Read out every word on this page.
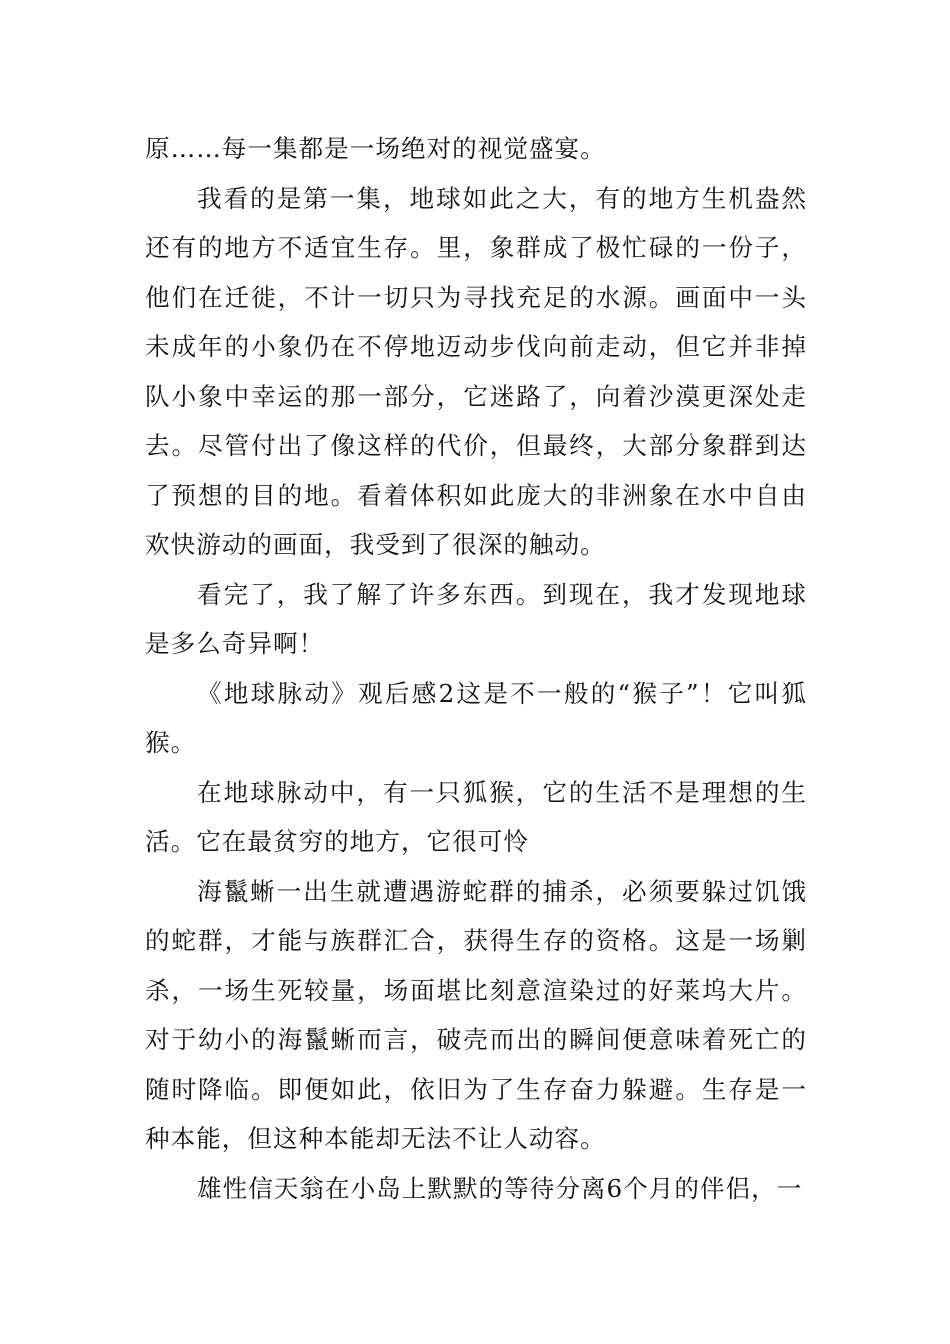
原……每一集都是一场绝对的视觉盛宴。

我看的是第一集，地球如此之大，有的地方生机盎然还有的地方不适宜生存。里，象群成了极忙碌的一份子，他们在迁徙，不计一切只为寻找充足的水源。画面中一头未成年的小象仍在不停地迈动步伐向前走动，但它并非掉队小象中幸运的那一部分，它迷路了，向着沙漠更深处走去。尽管付出了像这样的代价，但最终，大部分象群到达了预想的目的地。看着体积如此庞大的非洲象在水中自由欢快游动的画面，我受到了很深的触动。

看完了，我了解了许多东西。到现在，我才发现地球是多么奇异啊！

《地球脉动》观后感2这是不一般的“猴子”！它叫狐猴。

在地球脉动中，有一只狐猴，它的生活不是理想的生活。它在最贫穷的地方，它很可怜

海鬣蜥一出生就遭遇游蛇群的捕杀，必须要躲过饥饿的蛇群，才能与族群汇合，获得生存的资格。这是一场剿杀，一场生死较量，场面堪比刻意渲染过的好莱坞大片。对于幼小的海鬣蜥而言，破壳而出的瞬间便意味着死亡的随时降临。即便如此，依旧为了生存奋力躲避。生存是一种本能，但这种本能却无法不让人动容。

雄性信天翁在小岛上默默的等待分离6个月的伴侣，一
